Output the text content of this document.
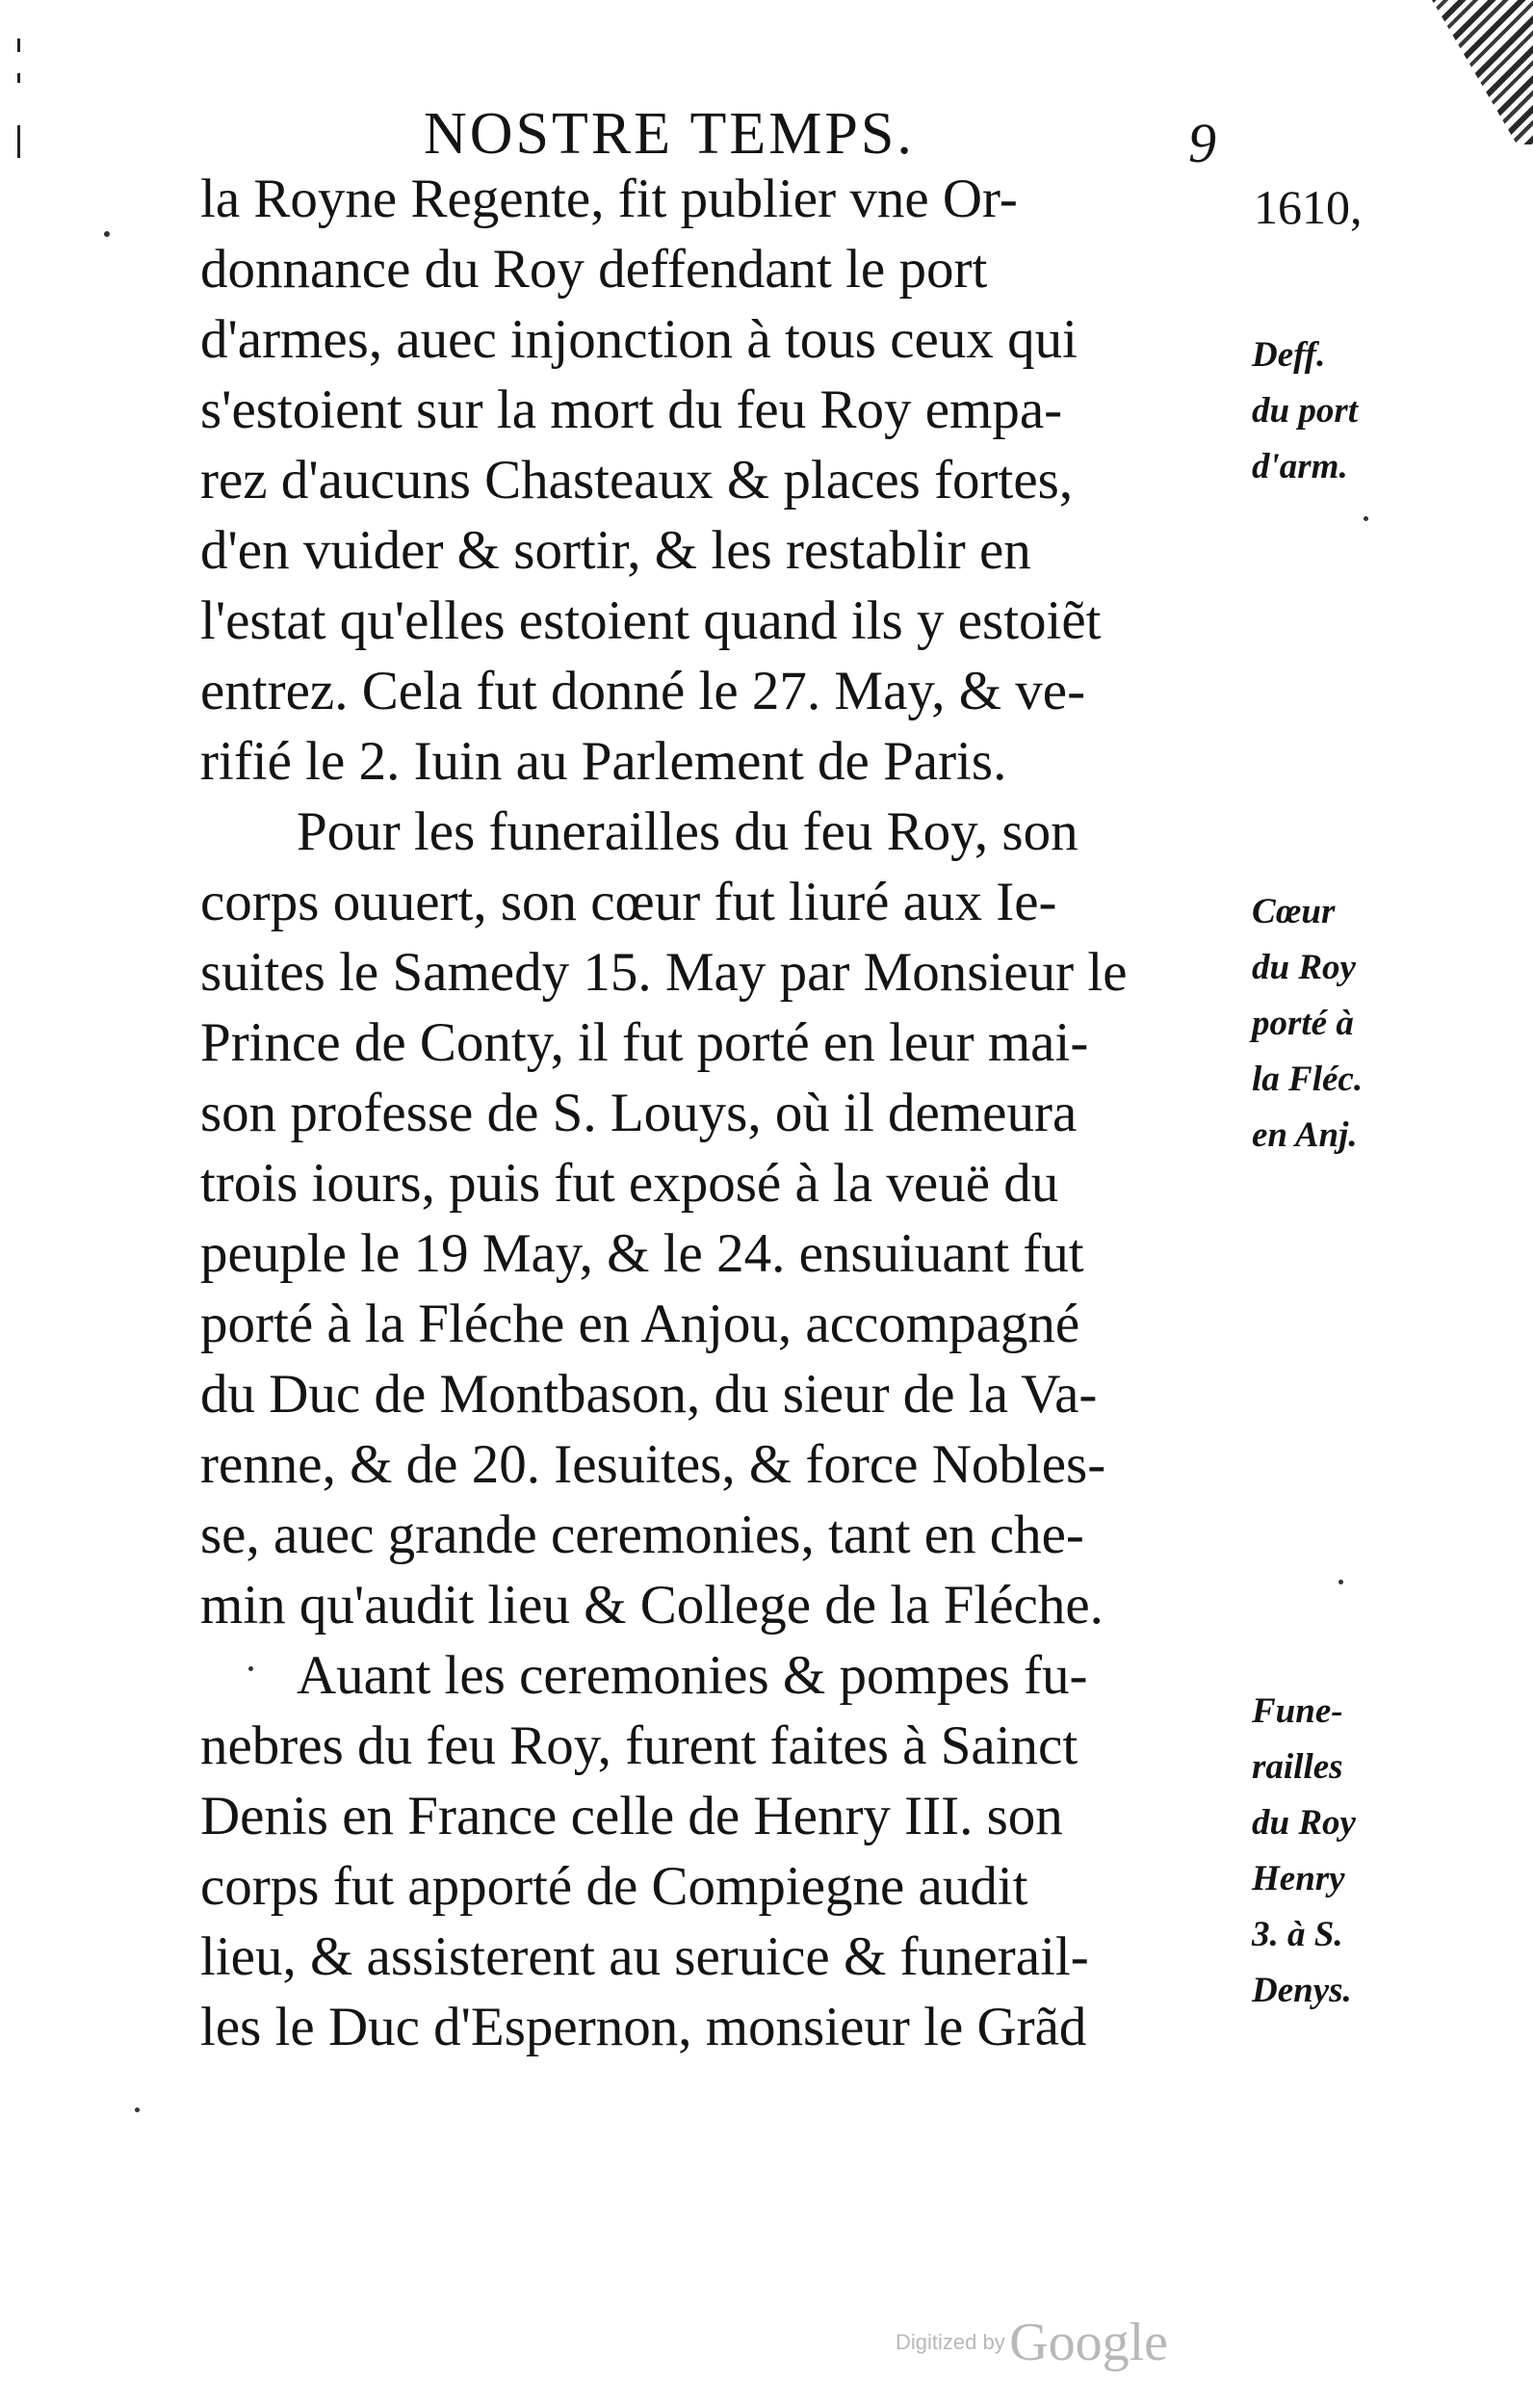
NOSTRE TEMPS.	9
1610,
Deff.
du port
d'arm.
Cœur
du Roy
porté à
la Fléc.
en Anj.
Fune-
railles
du Roy
Henry
3. à S.
Denys.
la Royne Regente, fit publier vne Or-
donnance du Roy deffendant le port
d'armes, auec injonction à tous ceux qui
s'estoient sur la mort du feu Roy empa-
rez d'aucuns Chasteaux & places fortes,
d'en vuider & sortir, & les restablir en
l'estat qu'elles estoient quand ils y estoiẽt
entrez. Cela fut donné le 27. May, & ve-
rifié le 2. Iuin au Parlement de Paris.
Pour les funerailles du feu Roy, son
corps ouuert, son cœur fut liuré aux Ie-
suites le Samedy 15. May par Monsieur le
Prince de Conty, il fut porté en leur mai-
son professe de S. Louys, où il demeura
trois iours, puis fut exposé à la veuë du
peuple le 19 May, & le 24. ensuiuant fut
porté à la Fléche en Anjou, accompagné
du Duc de Montbason, du sieur de la Va-
renne, & de 20. Iesuites, & force Nobles-
se, auec grande ceremonies, tant en che-
min qu'audit lieu & College de la Fléche.
Auant les ceremonies & pompes fu-
nebres du feu Roy, furent faites à Sainct
Denis en France celle de Henry III. son
corps fut apporté de Compiegne audit
lieu, & assisterent au seruice & funerail-
les le Duc d'Espernon, monsieur le Grãd
Digitized by Google
